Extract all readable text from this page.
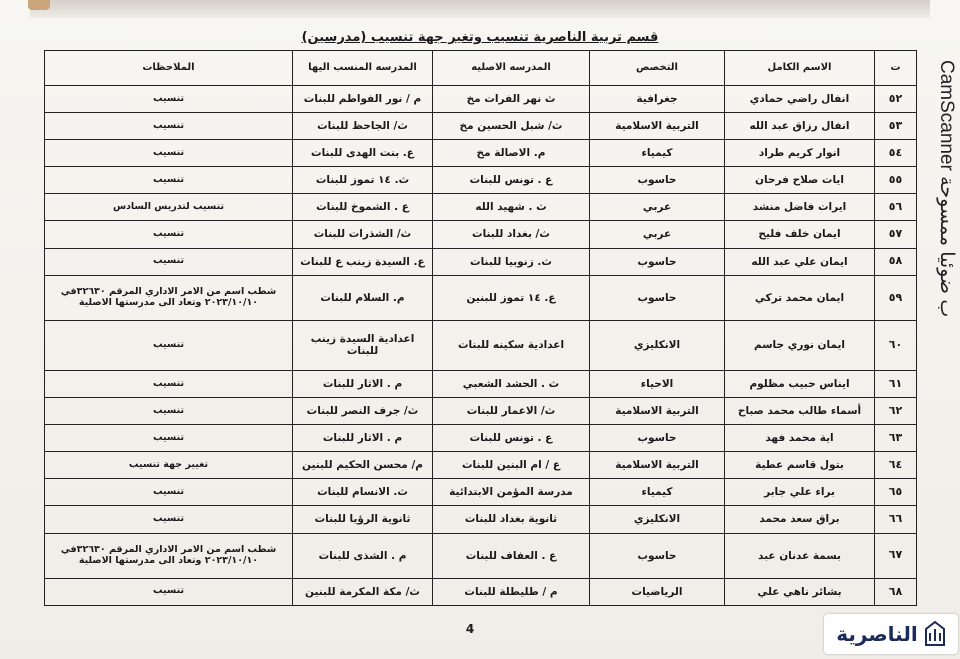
قسم تربية الناصرية تنسيب وتغير جهة تنسيب (مدرسين)
ت	الاسم الكامل	التخصص	المدرسه الاصليه	المدرسه المنسب اليها	الملاحظات
٥٢	انفال راضي حمادي	جغرافية	ث نهر الفرات مخ	م / نور الفواطم للبنات	تنسيب
٥٣	انفال رزاق عبد الله	التربية الاسلامية	ث/ شبل الحسين مخ	ث/ الجاحظ للبنات	تنسيب
٥٤	انوار كريم طراد	كيمياء	م. الاصالة مخ	ع. بنت الهدى للبنات	تنسيب
٥٥	ايات صلاح فرحان	حاسوب	ع . تونس للبنات	ث. ١٤ تموز للبنات	تنسيب
٥٦	ايرات فاضل منشد	عربي	ث . شهيد الله	ع . الشموخ للبنات	تنسيب لتدريس السادس
٥٧	ايمان خلف فليح	عربي	ث/ بغداد للبنات	ث/ الشذرات للبنات	تنسيب
٥٨	ايمان علي عبد الله	حاسوب	ث. زنوبيا للبنات	ع. السيدة زينب ع للبنات	تنسيب
٥٩	ايمان محمد تركي	حاسوب	ع. ١٤ تموز للبنين	م. السلام للبنات	شطب اسم من الامر الاداري المرقم ٣٢٦٣٠في ٢٠٢٣/١٠/١٠ وتعاد الى مدرستها الاصلية
٦٠	ايمان نوري جاسم	الانكليزي	اعدادية سكينه للبنات	اعدادية السيدة زينب للبنات	تنسيب
٦١	ايناس حبيب مظلوم	الاحياء	ث . الحشد الشعبي	م . الاثار للبنات	تنسيب
٦٢	أسماء طالب محمد صباح	التربية الاسلامية	ث/ الاعمار للبنات	ث/ جرف النصر للبنات	تنسيب
٦٣	اية محمد فهد	حاسوب	ع . تونس للبنات	م . الاثار للبنات	تنسيب
٦٤	بتول قاسم عطية	التربية الاسلامية	ع / ام البنين للبنات	م/ محسن الحكيم للبنين	تغيير جهة تنسيب
٦٥	براء علي جابر	كيمياء	مدرسة المؤمن الابتدائية	ث. الانسام للبنات	تنسيب
٦٦	براق سعد محمد	الانكليزي	ثانوية بغداد للبنات	ثانوية الرؤيا للبنات	تنسيب
٦٧	بسمة عدنان عبد	حاسوب	ع . العفاف للبنات	م . الشذى للبنات	شطب اسم من الامر الاداري المرقم ٣٢٦٣٠في ٢٠٢٣/١٠/١٠ وتعاد الى مدرستها الاصلية
٦٨	بشائر ناهي علي	الرياضيات	م / طليطلة للبنات	ث/ مكة المكرمة للبنين	تنسيب
CamScanner ب ضوئيا ممسوحة
4	الناصرية
